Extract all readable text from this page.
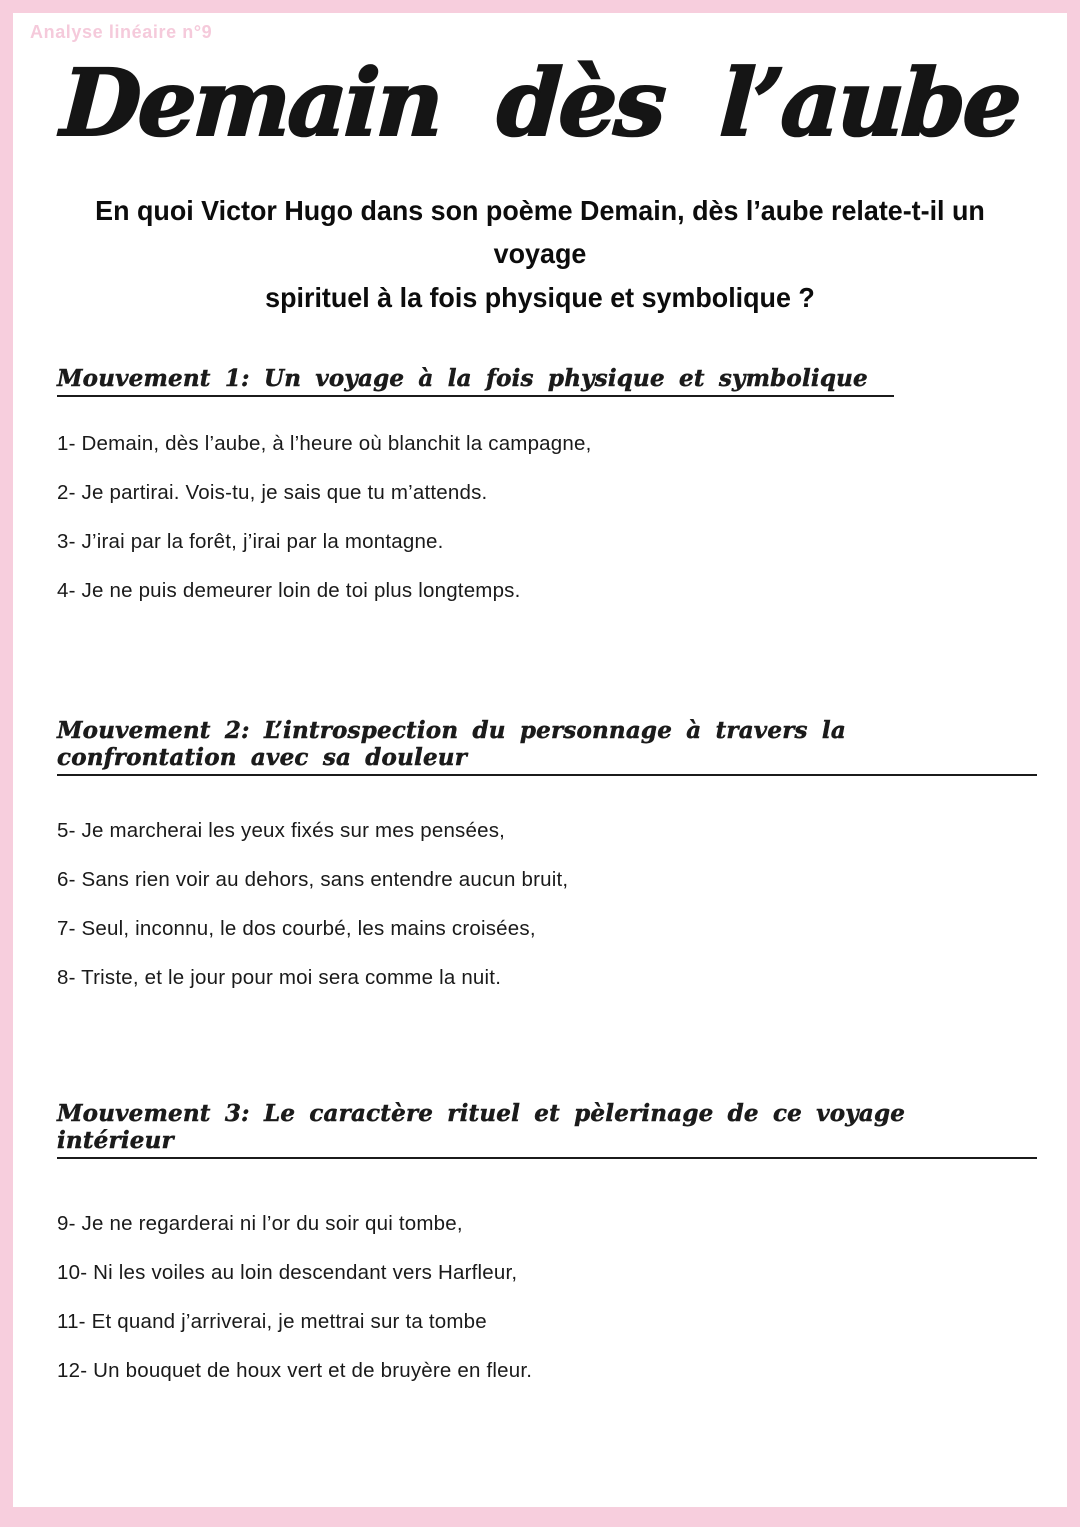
Analyse linéaire n°9
Demain dès l’aube
En quoi Victor Hugo dans son poème Demain, dès l’aube relate-t-il un voyage
spirituel à la fois physique et symbolique ?
Mouvement 1: Un voyage à la fois physique et symbolique
1- Demain, dès l’aube, à l’heure où blanchit la campagne,
2- Je partirai. Vois-tu, je sais que tu m’attends.
3- J’irai par la forêt, j’irai par la montagne.
4- Je ne puis demeurer loin de toi plus longtemps.
Mouvement 2: L’introspection du personnage à travers la confrontation avec sa douleur
5- Je marcherai les yeux fixés sur mes pensées,
6- Sans rien voir au dehors, sans entendre aucun bruit,
7- Seul, inconnu, le dos courbé, les mains croisées,
8- Triste, et le jour pour moi sera comme la nuit.
Mouvement 3: Le caractère rituel et pèlerinage de ce voyage intérieur
9- Je ne regarderai ni l’or du soir qui tombe,
10- Ni les voiles au loin descendant vers Harfleur,
11- Et quand j’arriverai, je mettrai sur ta tombe
12- Un bouquet de houx vert et de bruyère en fleur.
